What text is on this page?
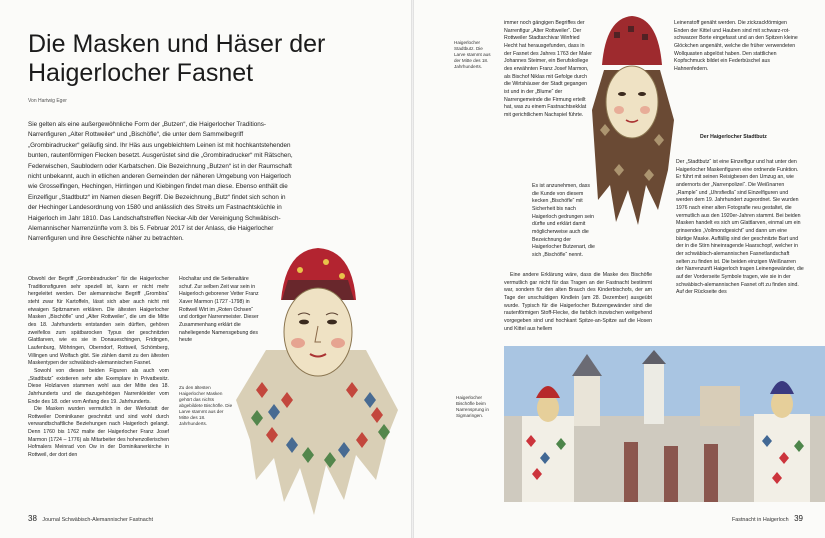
Die Masken und Häser der Haigerlocher Fasnet
Von Hartwig Eger

Sie gelten als eine außergewöhnliche Form der „Butzen“, die Haigerlocher Traditions-Narrenfiguren „Alter Rottweiler“ und „Bischöfle“, die unter dem Sammelbegriff „Grombiradrucker“ geläufig sind. Ihr Häs aus ungebleichtem Leinen ist mit hochkantstehenden bunten, rautenförmigen Flecken besetzt. Ausgerüstet sind die „Grombiradrucker“ mit Rätschen, Federwischen, Saublodern oder Karbatschen. Die Bezeichnung „Butzen“ ist in der Raumschaft nicht unbekannt, auch in etlichen anderen Gemeinden der näheren Umgebung von Haigerloch wie Grosselfingen, Hechingen, Hirrlingen und Kiebingen findet man diese. Ebenso enthält die Einzelfigur „Stadtbutz“ im Namen diesen Begriff. Die Bezeichnung „Butz“ findet sich schon in der Hechinger Landesordnung von 1580 und anlässlich des Streits um Fastnachtsküchle in Haigerloch im Jahr 1810. Das Landschaftstreffen Neckar-Alb der Vereinigung Schwäbisch-Alemannischer Narrenzünfte vom 3. bis 5. Februar 2017 ist der Anlass, die Haigerlocher Narrenfiguren und ihre Geschichte näher zu betrachten.

Obwohl der Begriff „Grombiradrucker“ für die Haigerlocher Traditionsfiguren sehr speziell ist, kann er nicht mehr hergeleitet werden. Der alemannische Begriff „Grombira“ steht zwar für Kartoffeln, lässt sich aber auch nicht mit etwaigen Spitznamen erklären. Die ältesten Haigerlocher Masken „Bischöfle“ und „Alter Rottweiler“, die um die Mitte des 18. Jahrhunderts entstanden sein dürften, gehören zweifellos zum spätbarocken Typus der geschnitzten Glattlarven, wie es sie in Donaueschingen, Fridingen, Laufenburg, Möhringen, Oberndorf, Rottweil, Schömberg, Villingen und Wolfach gibt. Sie zählen damit zu den ältesten Maskentypen der schwäbisch-alemannischen Fasnet.

Sowohl von diesen beiden Figuren als auch vom „Stadtbutz“ existieren sehr alte Exemplare in Privatbesitz. Diese Holzlarven stammen wohl aus der Mitte des 18. Jahrhunderts und die dazugehörigen Narrenkleider vom Ende des 18. oder vom Anfang des 19. Jahrhunderts.

Die Masken wurden vermutlich in der Werkstatt der Rottweiler Dominikaner geschnitzt und sind wohl durch verwandtschaftliche Beziehungen nach Haigerloch gelangt. Denn 1760 bis 1762 malte der Haigerlocher Franz Josef Marmon (1724 – 1776) als Mitarbeiter des hohenzollerischen Hofmalers Meinrad von Ow in der Dominikanerkirche in Rottweil, der dort den

Hochaltar und die Seitenaltäre schuf. Zur selben Zeit war sein in Haigerloch geborener Vetter Franz Xaver Marmon (1727 -1798) in Rottweil Wirt im „Roten Ochsen“ und dortiger Narrenmeister. Dieser Zusammenhang erklärt die naheliegende Namensgebung des heute
Zu den ältesten Haigerlocher Masken gehört das nichts abgebildete Bischöfle. Die Larve stammt aus der Mitte des 18. Jahrhunderts.
38 Journal Schwäbisch-Alemannischer Fastnacht
Haigerlocher Stadtbutz. Die Larve stammt aus der Mitte des 18. Jahrhunderts.
immer noch gängigen Begriffes der Narrenfigur „Alter Rottweiler“. Der Rottweiler Stadtarchivar Winfried Hecht hat herausgefunden, dass in der Fasnet des Jahres 1763 der Maler Johannes Steimer, ein Berufskollege des erwähnten Franz Josef Marmon, als Bischof Niklas mit Gefolge durch die Wirtshäuser der Stadt gegangen ist und in der „Blume“ der Narrengemeinde die Firmung erteilt hat, was zu einem Fastnachtsekklat mit gerichtlichem Nachspiel führte.
Es ist anzunehmen, dass die Kunde von diesem kecken „Bischöfle“ mit Sicherheit bis nach Haigerloch gedrungen sein dürfte und erklärt damit möglicherweise auch die Bezeichnung der Haigerlocher Butzenart, die sich „Bischöfle“ nennt.
Eine andere Erklärung wäre, dass die Maske des Bischöfle vermutlich gar nicht für das Tragen an der Fastnacht bestimmt war, sondern für den alten Brauch des Kinderbischofs, der am Tage der unschuldigen Kindlein (am 28. Dezember) ausgeübt wurde. Typisch für die Haigerlocher Butzengewänder sind die rautenförmigen Stoff-Flecke, die farblich inzwischen weitgehend vorgegeben sind und hochkant Spitze-an-Spitze auf die Hosen und Kittel aus hellem
Leinenstoff genäht werden. Die zickzackförmigen Enden der Kittel und Hauben sind mit schwarz-rot-schwarzer Borte eingefasst und an den Spitzen kleine Glöckchen angenäht, welche die früher verwendeten Wollquasten abgelöst haben. Den stattlichen Kopfschmuck bildet ein Federbüschel aus Hahnenfedern.
Der Haigerlocher Stadtbutz
Der „Stadtbutz“ ist eine Einzelfigur und hat unter den Haigerlocher Maskenfiguren eine ordnende Funktion. Er führt mit seinen Reisigbesen den Umzug an, wie andernorts der „Narrenpolizei“. Die Weißnarren „Rample“ und „Uhrsfiedla“ sind Einzelfiguren und werden dem 19. Jahrhundert zugeordnet. Sie wurden 1976 nach einer alten Fotografie neu gestaltet, die vermutlich aus den 1920er-Jahren stammt. Bei beiden Masken handelt es sich um Glattlarven, einmal um ein grinsendes „Vollmondgesicht“ und dann um eine bärtige Maske. Auffällig sind der geschnitzte Bart und der in die Stirn hineinragende Haarschopf, welcher in der schwäbisch-alemannischen Fasnetlandschaft selten zu finden ist. Die beiden einzigen Weißnarren der Narrenzunft Haigerloch tragen Leinengewänder, die auf der Vorderseite Symbole tragen, wie sie in der schwäbisch-alemannischen Fasnet oft zu finden sind. Auf der Rückseite des
Haigerlocher Bischöfle beim Narrensprung in Sigmaringen.
Fastnacht in Haigerloch 39
